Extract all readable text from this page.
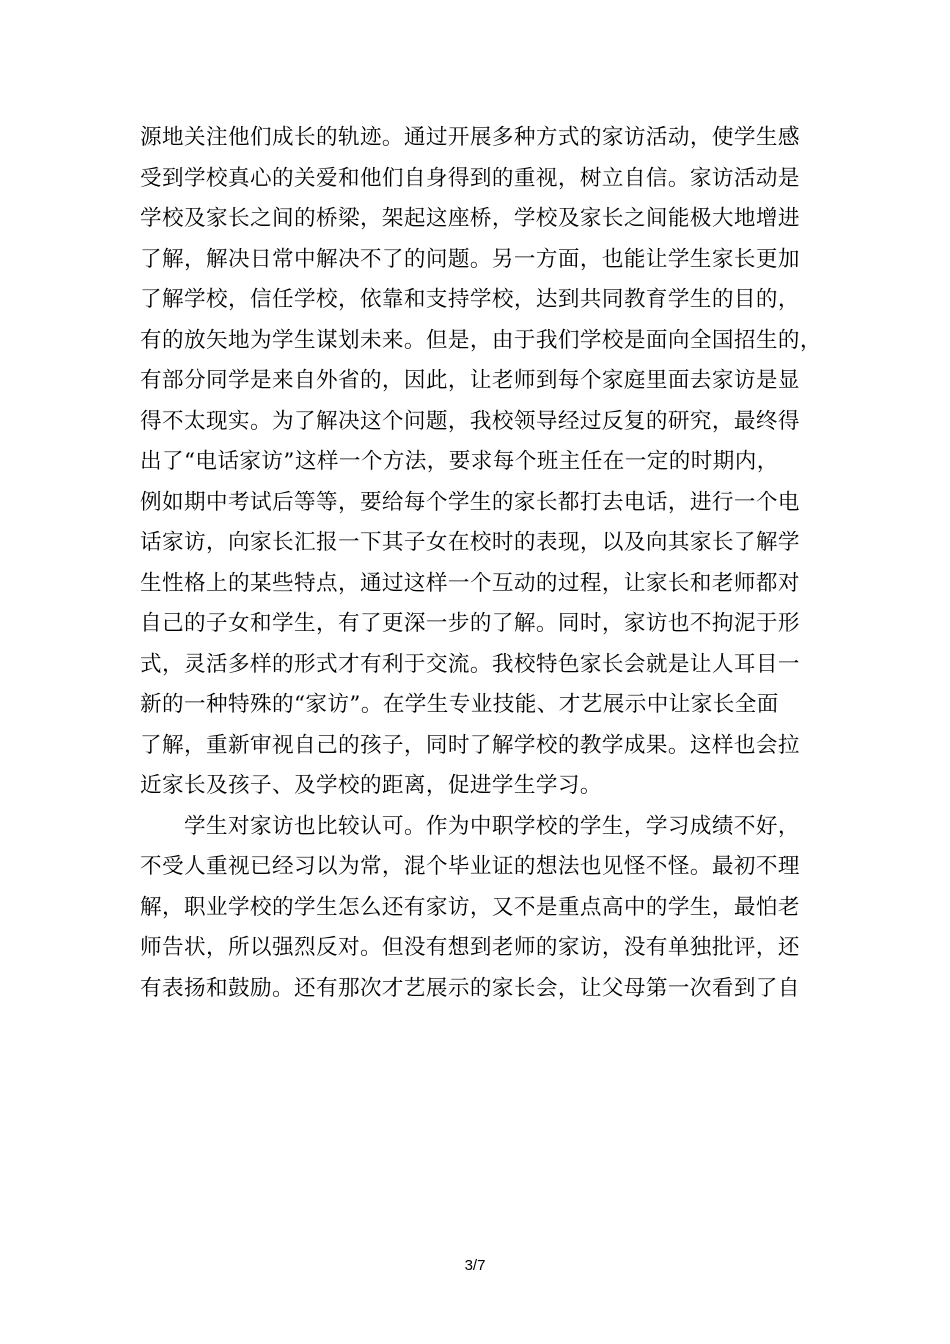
源地关注他们成长的轨迹。通过开展多种方式的家访活动，使学生感
受到学校真心的关爱和他们自身得到的重视，树立自信。家访活动是
学校及家长之间的桥梁，架起这座桥，学校及家长之间能极大地增进
了解，解决日常中解决不了的问题。另一方面，也能让学生家长更加
了解学校，信任学校，依靠和支持学校，达到共同教育学生的目的，
有的放矢地为学生谋划未来。但是，由于我们学校是面向全国招生的，
有部分同学是来自外省的，因此，让老师到每个家庭里面去家访是显
得不太现实。为了解决这个问题，我校领导经过反复的研究，最终得
出了“电话家访”这样一个方法，要求每个班主任在一定的时期内，
例如期中考试后等等，要给每个学生的家长都打去电话，进行一个电
话家访，向家长汇报一下其子女在校时的表现，以及向其家长了解学
生性格上的某些特点，通过这样一个互动的过程，让家长和老师都对
自己的子女和学生，有了更深一步的了解。同时，家访也不拘泥于形
式，灵活多样的形式才有利于交流。我校特色家长会就是让人耳目一
新的一种特殊的“家访”。在学生专业技能、才艺展示中让家长全面
了解，重新审视自己的孩子，同时了解学校的教学成果。这样也会拉
近家长及孩子、及学校的距离，促进学生学习。
学生对家访也比较认可。作为中职学校的学生，学习成绩不好，
不受人重视已经习以为常，混个毕业证的想法也见怪不怪。最初不理
解，职业学校的学生怎么还有家访，又不是重点高中的学生，最怕老
师告状，所以强烈反对。但没有想到老师的家访，没有单独批评，还
有表扬和鼓励。还有那次才艺展示的家长会，让父母第一次看到了自
3/7
